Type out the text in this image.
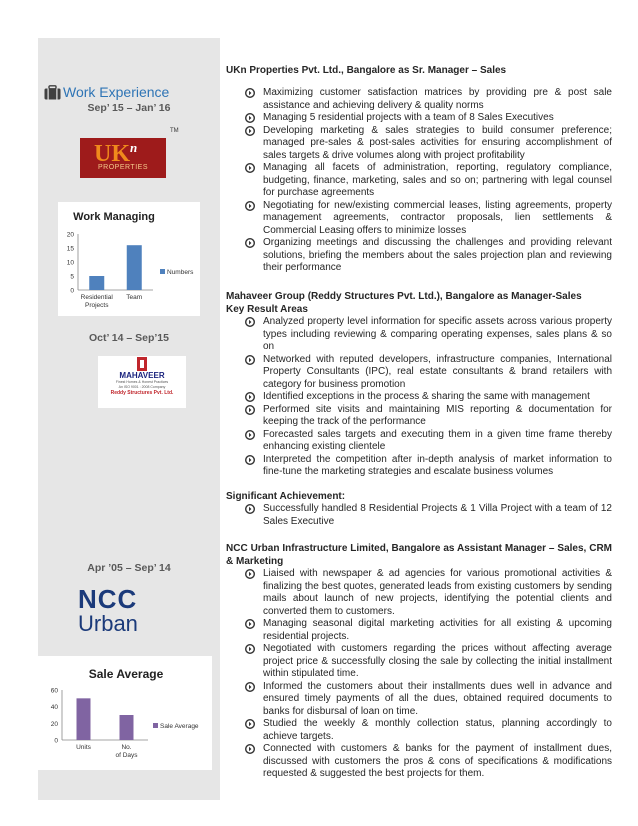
Work Experience
Sep’ 15 – Jan’ 16
Oct’ 14 – Sep’15
Apr ’05 – Sep’ 14
$UK^n$
PROPERTIES
TM
Work Managing
0
5
10
15
20
Residential
Projects
Team
Numbers
MAHAVEER
Finest Homes & Honest Practices
An ISO 9001 : 2008 Company
Reddy Structures Pvt. Ltd.
NCC
Urban
Sale Average
0
20
40
60
Units	No.
of Days
Sale Average
UKn Properties Pvt. Ltd., Bangalore as Sr. Manager – Sales
Maximizing customer satisfaction matrices by providing pre & post sale assistance and achieving delivery & quality norms
Managing 5 residential projects with a team of 8 Sales Executives
Developing marketing & sales strategies to build consumer preference; managed pre-sales & post-sales activities for ensuring accomplishment of sales targets & drive volumes along with project profitability
Managing all facets of administration, reporting, regulatory compliance, budgeting, finance, marketing, sales and so on; partnering with legal counsel for purchase agreements
Negotiating for new/existing commercial leases, listing agreements, property management agreements, contractor proposals, lien settlements & Commercial Leasing offers to minimize losses
Organizing meetings and discussing the challenges and providing relevant solutions, briefing the members about the sales projection plan and reviewing their performance
Mahaveer Group (Reddy Structures Pvt. Ltd.), Bangalore as Manager-Sales
Key Result Areas
Analyzed property level information for specific assets across various property types including reviewing & comparing operating expenses, sales plans & so on
Networked with reputed developers, infrastructure companies, International Property Consultants (IPC), real estate consultants & brand retailers with category for business promotion
Identified exceptions in the process & sharing the same with management
Performed site visits and maintaining MIS reporting & documentation for keeping the track of the performance
Forecasted sales targets and executing them in a given time frame thereby enhancing existing clientele
Interpreted the competition after in-depth analysis of market information to fine-tune the marketing strategies and escalate business volumes
Significant Achievement:
Successfully handled 8 Residential Projects & 1 Villa Project with a team of 12 Sales Executive
NCC Urban Infrastructure Limited, Bangalore as Assistant Manager – Sales, CRM & Marketing
Liaised with newspaper & ad agencies for various promotional activities & finalizing the best quotes, generated leads from existing customers by sending mails about launch of new projects, identifying the potential clients and converted them to customers.
Managing seasonal digital marketing activities for all existing & upcoming residential projects.
Negotiated with customers regarding the prices without affecting average project price & successfully closing the sale by collecting the initial installment within stipulated time.
Informed the customers about their installments dues well in advance and ensured timely payments of all the dues, obtained required documents to banks for disbursal of loan on time.
Studied the weekly & monthly collection status, planning accordingly to achieve targets.
Connected with customers & banks for the payment of installment dues, discussed with customers the pros & cons of specifications & modifications requested & suggested the best projects for them.
